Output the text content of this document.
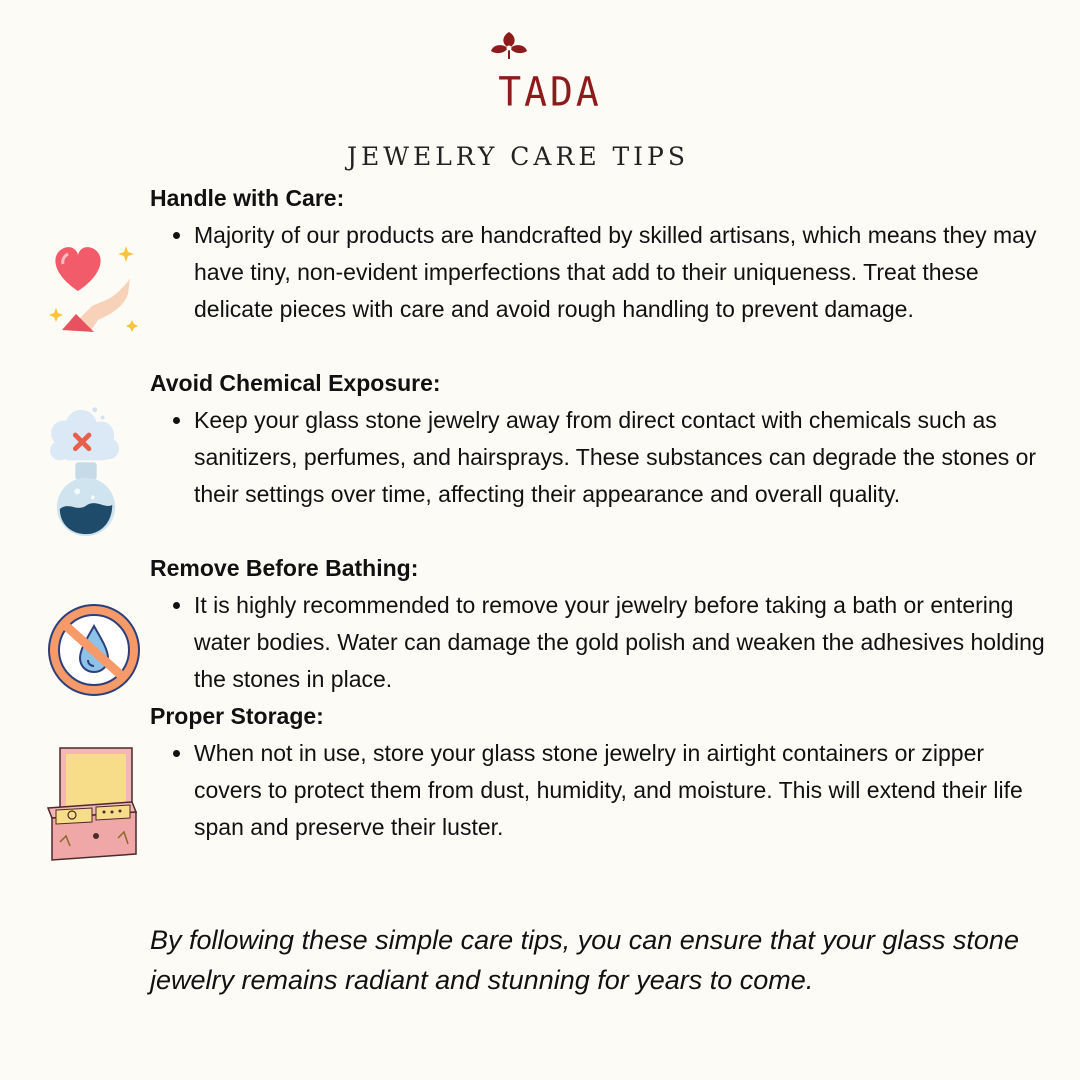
TADA
JEWELRY CARE TIPS
Handle with Care:
• Majority of our products are handcrafted by skilled artisans, which means they may have tiny, non-evident imperfections that add to their uniqueness. Treat these delicate pieces with care and avoid rough handling to prevent damage.
Avoid Chemical Exposure:
• Keep your glass stone jewelry away from direct contact with chemicals such as sanitizers, perfumes, and hairsprays. These substances can degrade the stones or their settings over time, affecting their appearance and overall quality.
Remove Before Bathing:
• It is highly recommended to remove your jewelry before taking a bath or entering water bodies. Water can damage the gold polish and weaken the adhesives holding the stones in place.
Proper Storage:
• When not in use, store your glass stone jewelry in airtight containers or zipper covers to protect them from dust, humidity, and moisture. This will extend their life span and preserve their luster.
By following these simple care tips, you can ensure that your glass stone jewelry remains radiant and stunning for years to come.
